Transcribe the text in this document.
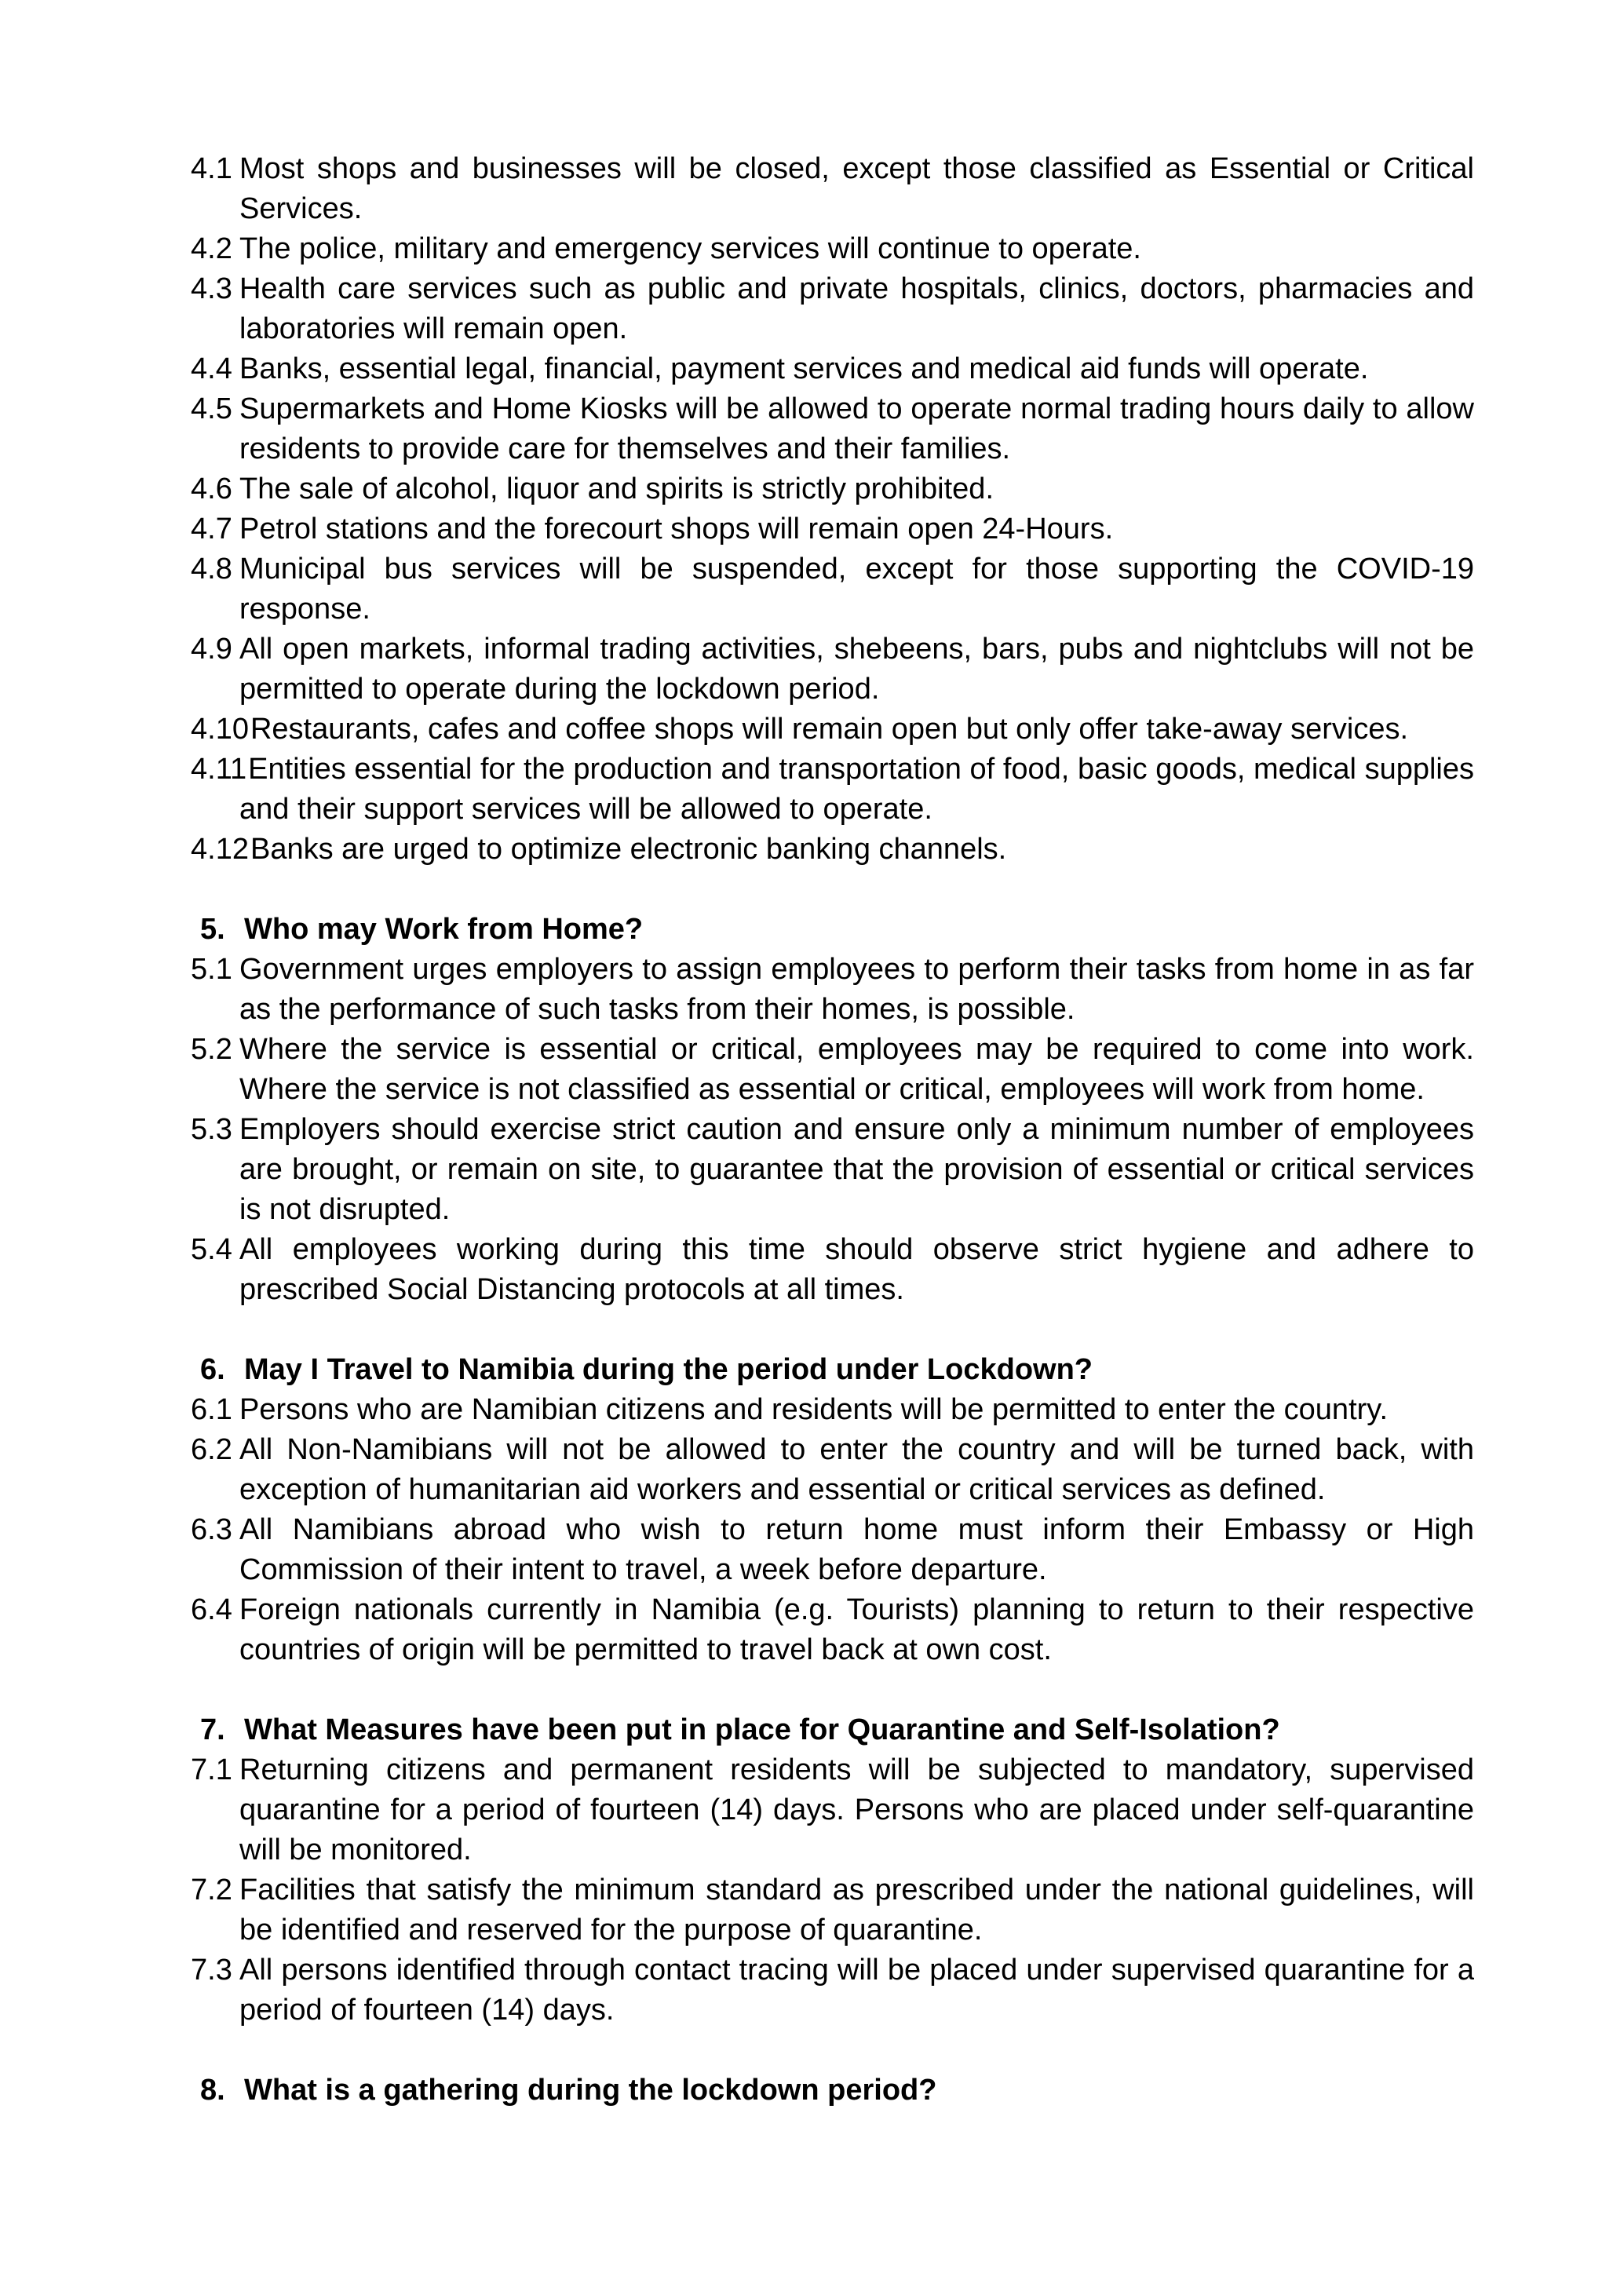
4.1 Most shops and businesses will be closed, except those classified as Essential or Critical Services.

4.2 The police, military and emergency services will continue to operate.

4.3 Health care services such as public and private hospitals, clinics, doctors, pharmacies and laboratories will remain open.

4.4 Banks, essential legal, financial, payment services and medical aid funds will operate.

4.5 Supermarkets and Home Kiosks will be allowed to operate normal trading hours daily to allow residents to provide care for themselves and their families.

4.6 The sale of alcohol, liquor and spirits is strictly prohibited.

4.7 Petrol stations and the forecourt shops will remain open 24-Hours.

4.8 Municipal bus services will be suspended, except for those supporting the COVID-19 response.

4.9 All open markets, informal trading activities, shebeens, bars, pubs and nightclubs will not be permitted to operate during the lockdown period.

4.10Restaurants, cafes and coffee shops will remain open but only offer take-away services.

4.11Entities essential for the production and transportation of food, basic goods, medical supplies and their support services will be allowed to operate.

4.12Banks are urged to optimize electronic banking channels.

5. Who may Work from Home?

5.1 Government urges employers to assign employees to perform their tasks from home in as far as the performance of such tasks from their homes, is possible.

5.2 Where the service is essential or critical, employees may be required to come into work. Where the service is not classified as essential or critical, employees will work from home.

5.3 Employers should exercise strict caution and ensure only a minimum number of employees are brought, or remain on site, to guarantee that the provision of essential or critical services is not disrupted.

5.4 All employees working during this time should observe strict hygiene and adhere to prescribed Social Distancing protocols at all times.

6. May I Travel to Namibia during the period under Lockdown?

6.1 Persons who are Namibian citizens and residents will be permitted to enter the country.

6.2 All Non-Namibians will not be allowed to enter the country and will be turned back, with exception of humanitarian aid workers and essential or critical services as defined.

6.3 All Namibians abroad who wish to return home must inform their Embassy or High Commission of their intent to travel, a week before departure.

6.4 Foreign nationals currently in Namibia (e.g. Tourists) planning to return to their respective countries of origin will be permitted to travel back at own cost.

7. What Measures have been put in place for Quarantine and Self-Isolation?

7.1 Returning citizens and permanent residents will be subjected to mandatory, supervised quarantine for a period of fourteen (14) days. Persons who are placed under self-quarantine will be monitored.

7.2 Facilities that satisfy the minimum standard as prescribed under the national guidelines, will be identified and reserved for the purpose of quarantine.

7.3 All persons identified through contact tracing will be placed under supervised quarantine for a period of fourteen (14) days.

8. What is a gathering during the lockdown period?
